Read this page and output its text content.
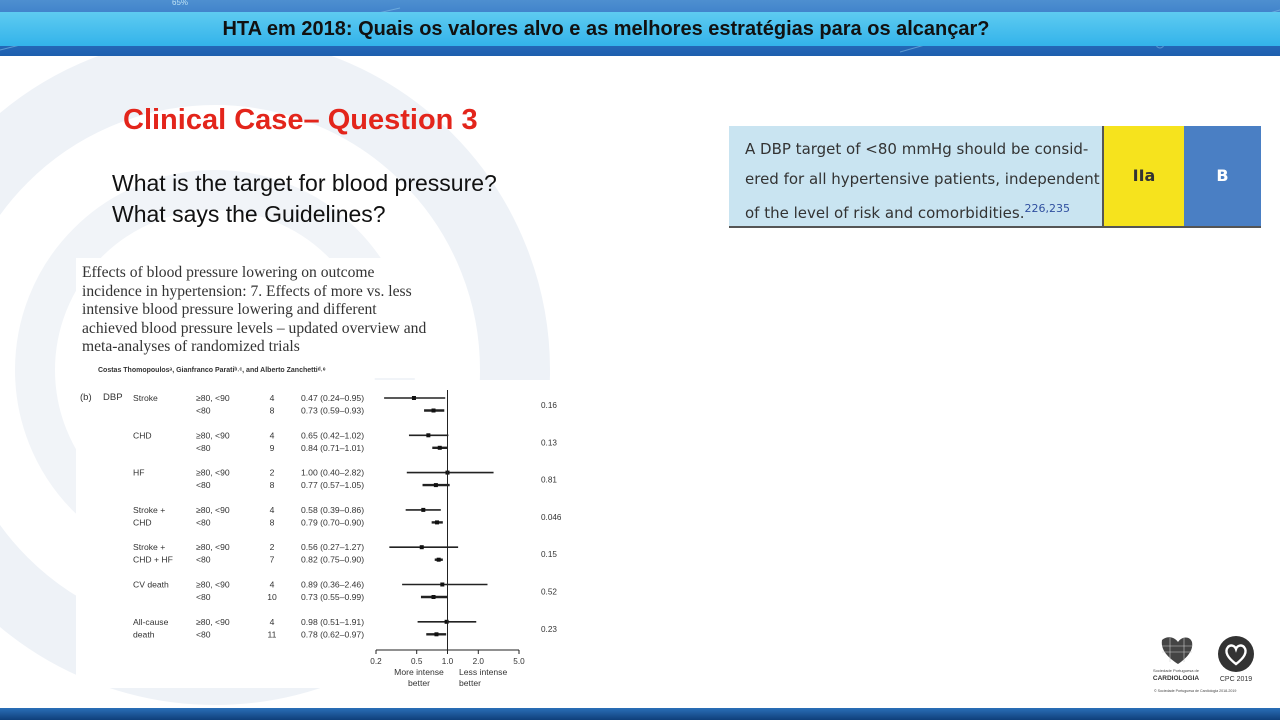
65%
HTA em 2018: Quais os valores alvo e as melhores estratégias para os alcançar?
Clinical Case– Question 3
What is the target for blood pressure?
What says the Guidelines?
A DBP target of <80 mmHg should be consid-
ered for all hypertensive patients, independent
of the level of risk and comorbidities.$^{226,235}$
IIa	B
Effects of blood pressure lowering on outcome incidence in hypertension: 7. Effects of more vs. less intensive blood pressure lowering and different achieved blood pressure levels – updated overview and meta-analyses of randomized trials
Costas Thomopoulosᵃ, Gianfranco Paratiᵇ˒ᶜ, and Alberto Zanchettiᵈ˒ᵉ
(b) DBP Stroke	≥80, <90	4	0.47 (0.24–0.95)
<80	8	0.73 (0.59–0.93)	0.16
CHD	≥80, <90	4	0.65 (0.42–1.02)
<80	9	0.84 (0.71–1.01)	0.13
HF	≥80, <90	2	1.00 (0.40–2.82)
<80	8	0.77 (0.57–1.05)	0.81
Stroke +
CHD
≥80, <90	4	0.58 (0.39–0.86)
<80	8	0.79 (0.70–0.90)	0.046
Stroke +
CHD + HF
≥80, <90	2	0.56 (0.27–1.27)
<80	7	0.82 (0.75–0.90)	0.15
CV death	≥80, <90	4	0.89 (0.36–2.46)
<80	10	0.73 (0.55–0.99)	0.52
All-cause
death
≥80, <90	4	0.98 (0.51–1.91)
<80	11	0.78 (0.62–0.97)	0.23
0.2	0.5 1.0 2.0	5.0
More intense
better
Less intense
better
Sociedade Portuguesa de
CARDIOLOGIA	CPC 2019
© Sociedade Portuguesa de Cardiologia 2018-2019
